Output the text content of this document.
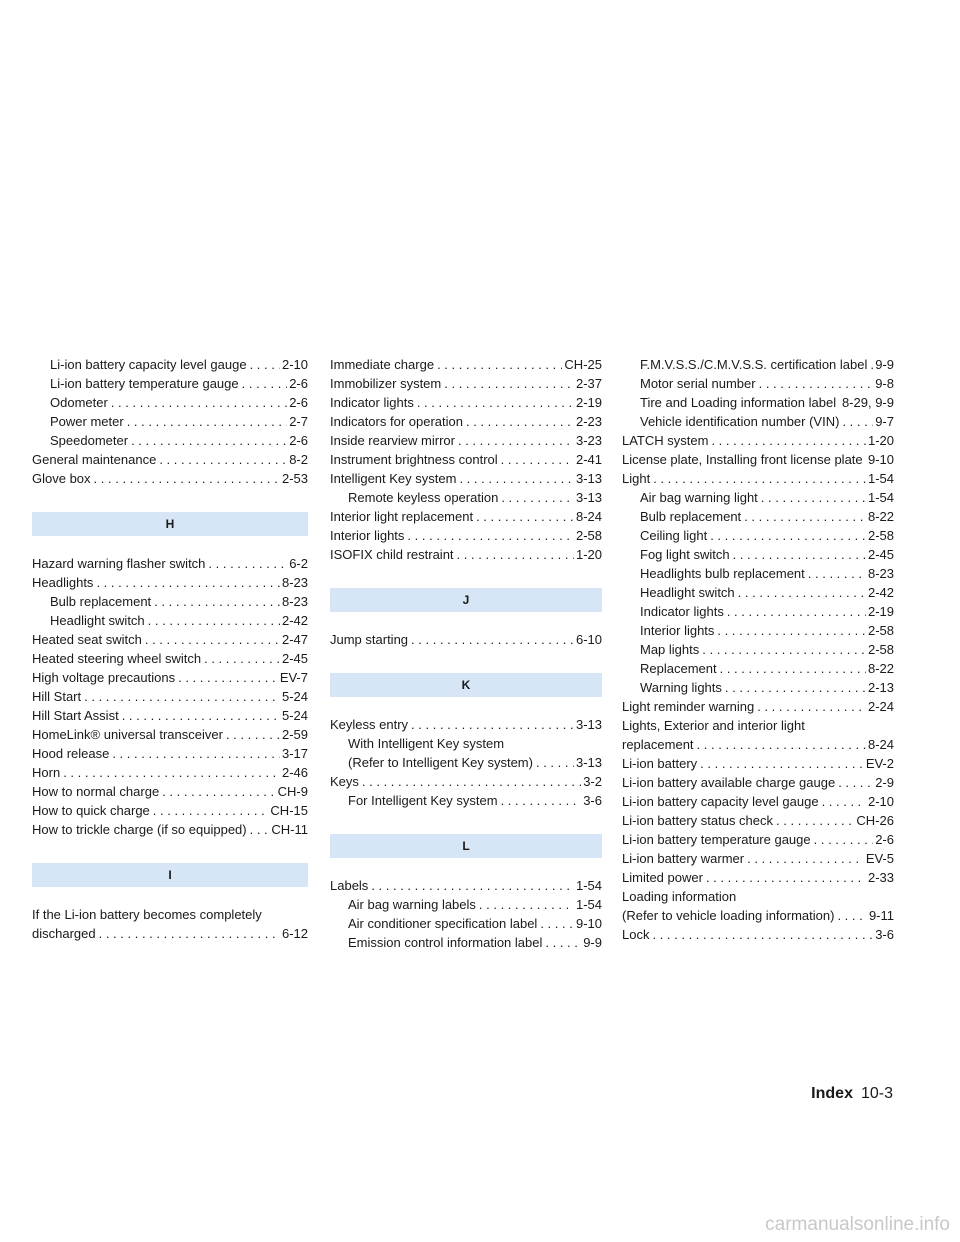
Li-ion battery capacity level gauge . . .	2-10
Li-ion battery temperature gauge . . .	2-6
Odometer . . .	2-6
Power meter . . .	2-7
Speedometer . . .	2-6
General maintenance . . .	8-2
Glove box . . .	2-53
H
Hazard warning flasher switch . . .	6-2
Headlights . . .	8-23
Bulb replacement . . .	8-23
Headlight switch . . .	2-42
Heated seat switch . . .	2-47
Heated steering wheel switch . . .	2-45
High voltage precautions . . .	EV-7
Hill Start . . .	5-24
Hill Start Assist . . .	5-24
HomeLink® universal transceiver . . .	2-59
Hood release . . .	3-17
Horn . . .	2-46
How to normal charge . . .	CH-9
How to quick charge . . .	CH-15
How to trickle charge (if so equipped) . . . CH-11
I
If the Li-ion battery becomes completely
discharged . . .	6-12
Immediate charge . . .	CH-25
Immobilizer system . . .	2-37
Indicator lights . . .	2-19
Indicators for operation . . .	2-23
Inside rearview mirror . . .	3-23
Instrument brightness control . . .	2-41
Intelligent Key system . . .	3-13
Remote keyless operation . . .	3-13
Interior light replacement . . .	8-24
Interior lights . . .	2-58
ISOFIX child restraint . . .	1-20
J
Jump starting . . .	6-10
K
Keyless entry . . .	3-13
With Intelligent Key system
(Refer to Intelligent Key system) . . .	3-13
Keys . . .	3-2
For Intelligent Key system . . .	3-6
L
Labels . . .	1-54
Air bag warning labels . . .	1-54
Air conditioner specification label . . .	9-10
Emission control information label . . .	9-9
F.M.V.S.S./C.M.V.S.S. certification label . . . 9-9
Motor serial number . . .	9-8
Tire and Loading information label . . . 8-29, 9-9
Vehicle identification number (VIN) . . .	9-7
LATCH system . . .	1-20
License plate, Installing front license plate . . . 9-10
Light . . .	1-54
Air bag warning light . . .	1-54
Bulb replacement . . .	8-22
Ceiling light . . .	2-58
Fog light switch . . .	2-45
Headlights bulb replacement . . .	8-23
Headlight switch . . .	2-42
Indicator lights . . .	2-19
Interior lights . . .	2-58
Map lights . . .	2-58
Replacement . . .	8-22
Warning lights . . .	2-13
Light reminder warning . . .	2-24
Lights, Exterior and interior light
replacement . . .	8-24
Li-ion battery . . .	EV-2
Li-ion battery available charge gauge . . .	2-9
Li-ion battery capacity level gauge . . .	2-10
Li-ion battery status check . . .	CH-26
Li-ion battery temperature gauge . . .	2-6
Li-ion battery warmer . . .	EV-5
Limited power . . .	2-33
Loading information
(Refer to vehicle loading information) . . .	9-11
Lock . . .	3-6
Index 10-3
carmanualsonline.info
